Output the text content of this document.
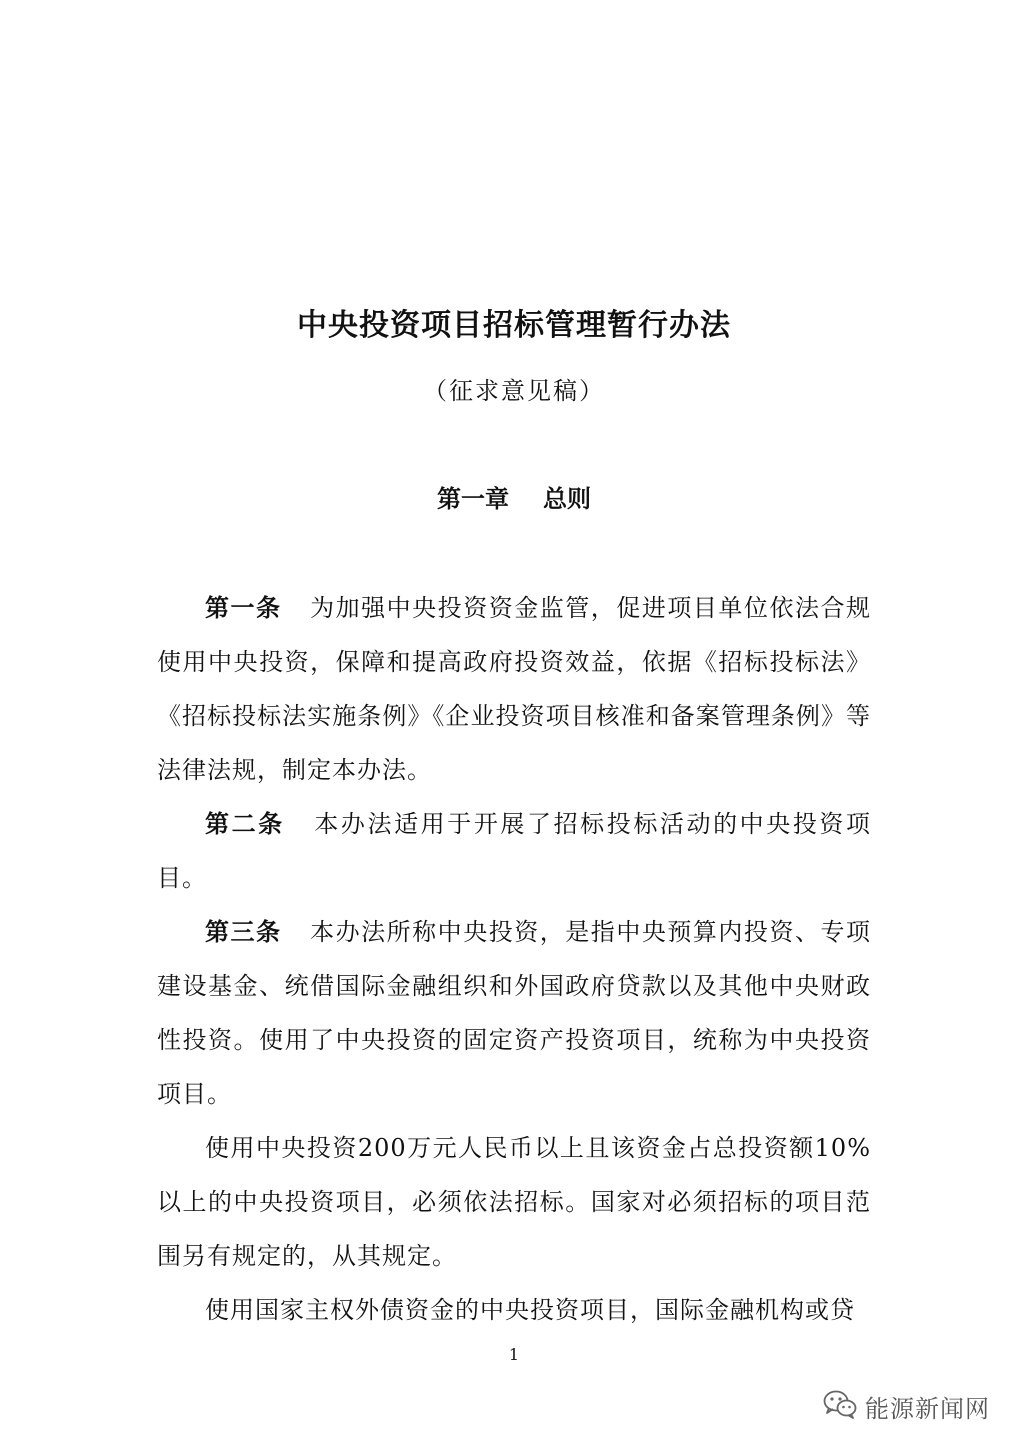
中央投资项目招标管理暂行办法
（征求意见稿）
第一章 总则

第一条 为加强中央投资资金监管，促进项目单位依法合规使用中央投资，保障和提高政府投资效益，依据《招标投标法》《招标投标法实施条例》《企业投资项目核准和备案管理条例》等法律法规，制定本办法。

第二条 本办法适用于开展了招标投标活动的中央投资项目。

第三条 本办法所称中央投资，是指中央预算内投资、专项建设基金、统借国际金融组织和外国政府贷款以及其他中央财政性投资。使用了中央投资的固定资产投资项目，统称为中央投资项目。

使用中央投资200万元人民币以上且该资金占总投资额10%以上的中央投资项目，必须依法招标。国家对必须招标的项目范围另有规定的，从其规定。

使用国家主权外债资金的中央投资项目，国际金融机构或贷

1
能源新闻网
